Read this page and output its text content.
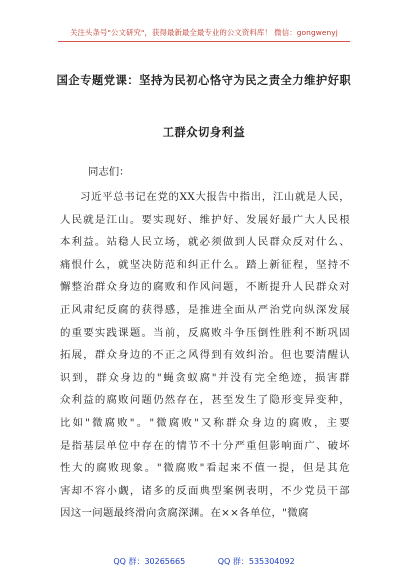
关注头条号"公文研究"，获得最新最全最专业的公文资料库！ 微信：gongwenyj
国企专题党课：坚持为民初心恪守为民之责全力维护好职
工群众切身利益
同志们：
习近平总书记在党的XX大报告中指出，江山就是人民，
人民就是江山。要实现好、维护好、发展好最广大人民根
本利益。站稳人民立场，就必须做到人民群众反对什么、
痛恨什么，就坚决防范和纠正什么。踏上新征程，坚持不
懈整治群众身边的腐败和作风问题，不断提升人民群众对
正风肃纪反腐的获得感，是推进全面从严治党向纵深发展
的重要实践课题。当前，反腐败斗争压倒性胜利不断巩固
拓展，群众身边的不正之风得到有效纠治。但也要清醒认
识到，群众身边的"蝇贪蚁腐"并没有完全绝迹，损害群
众利益的腐败问题仍然存在，甚至发生了隐形变异变种，
比如"微腐败"。"微腐败"又称群众身边的腐败，主要
是指基层单位中存在的情节不十分严重但影响面广、破坏
性大的腐败现象。"微腐败"看起来不值一提，但是其危
害却不容小觑，诸多的反面典型案例表明，不少党员干部
因这一问题最终滑向贪腐深渊。在××各单位，"微腐
QQ 群：30265665	QQ 群：535304092
